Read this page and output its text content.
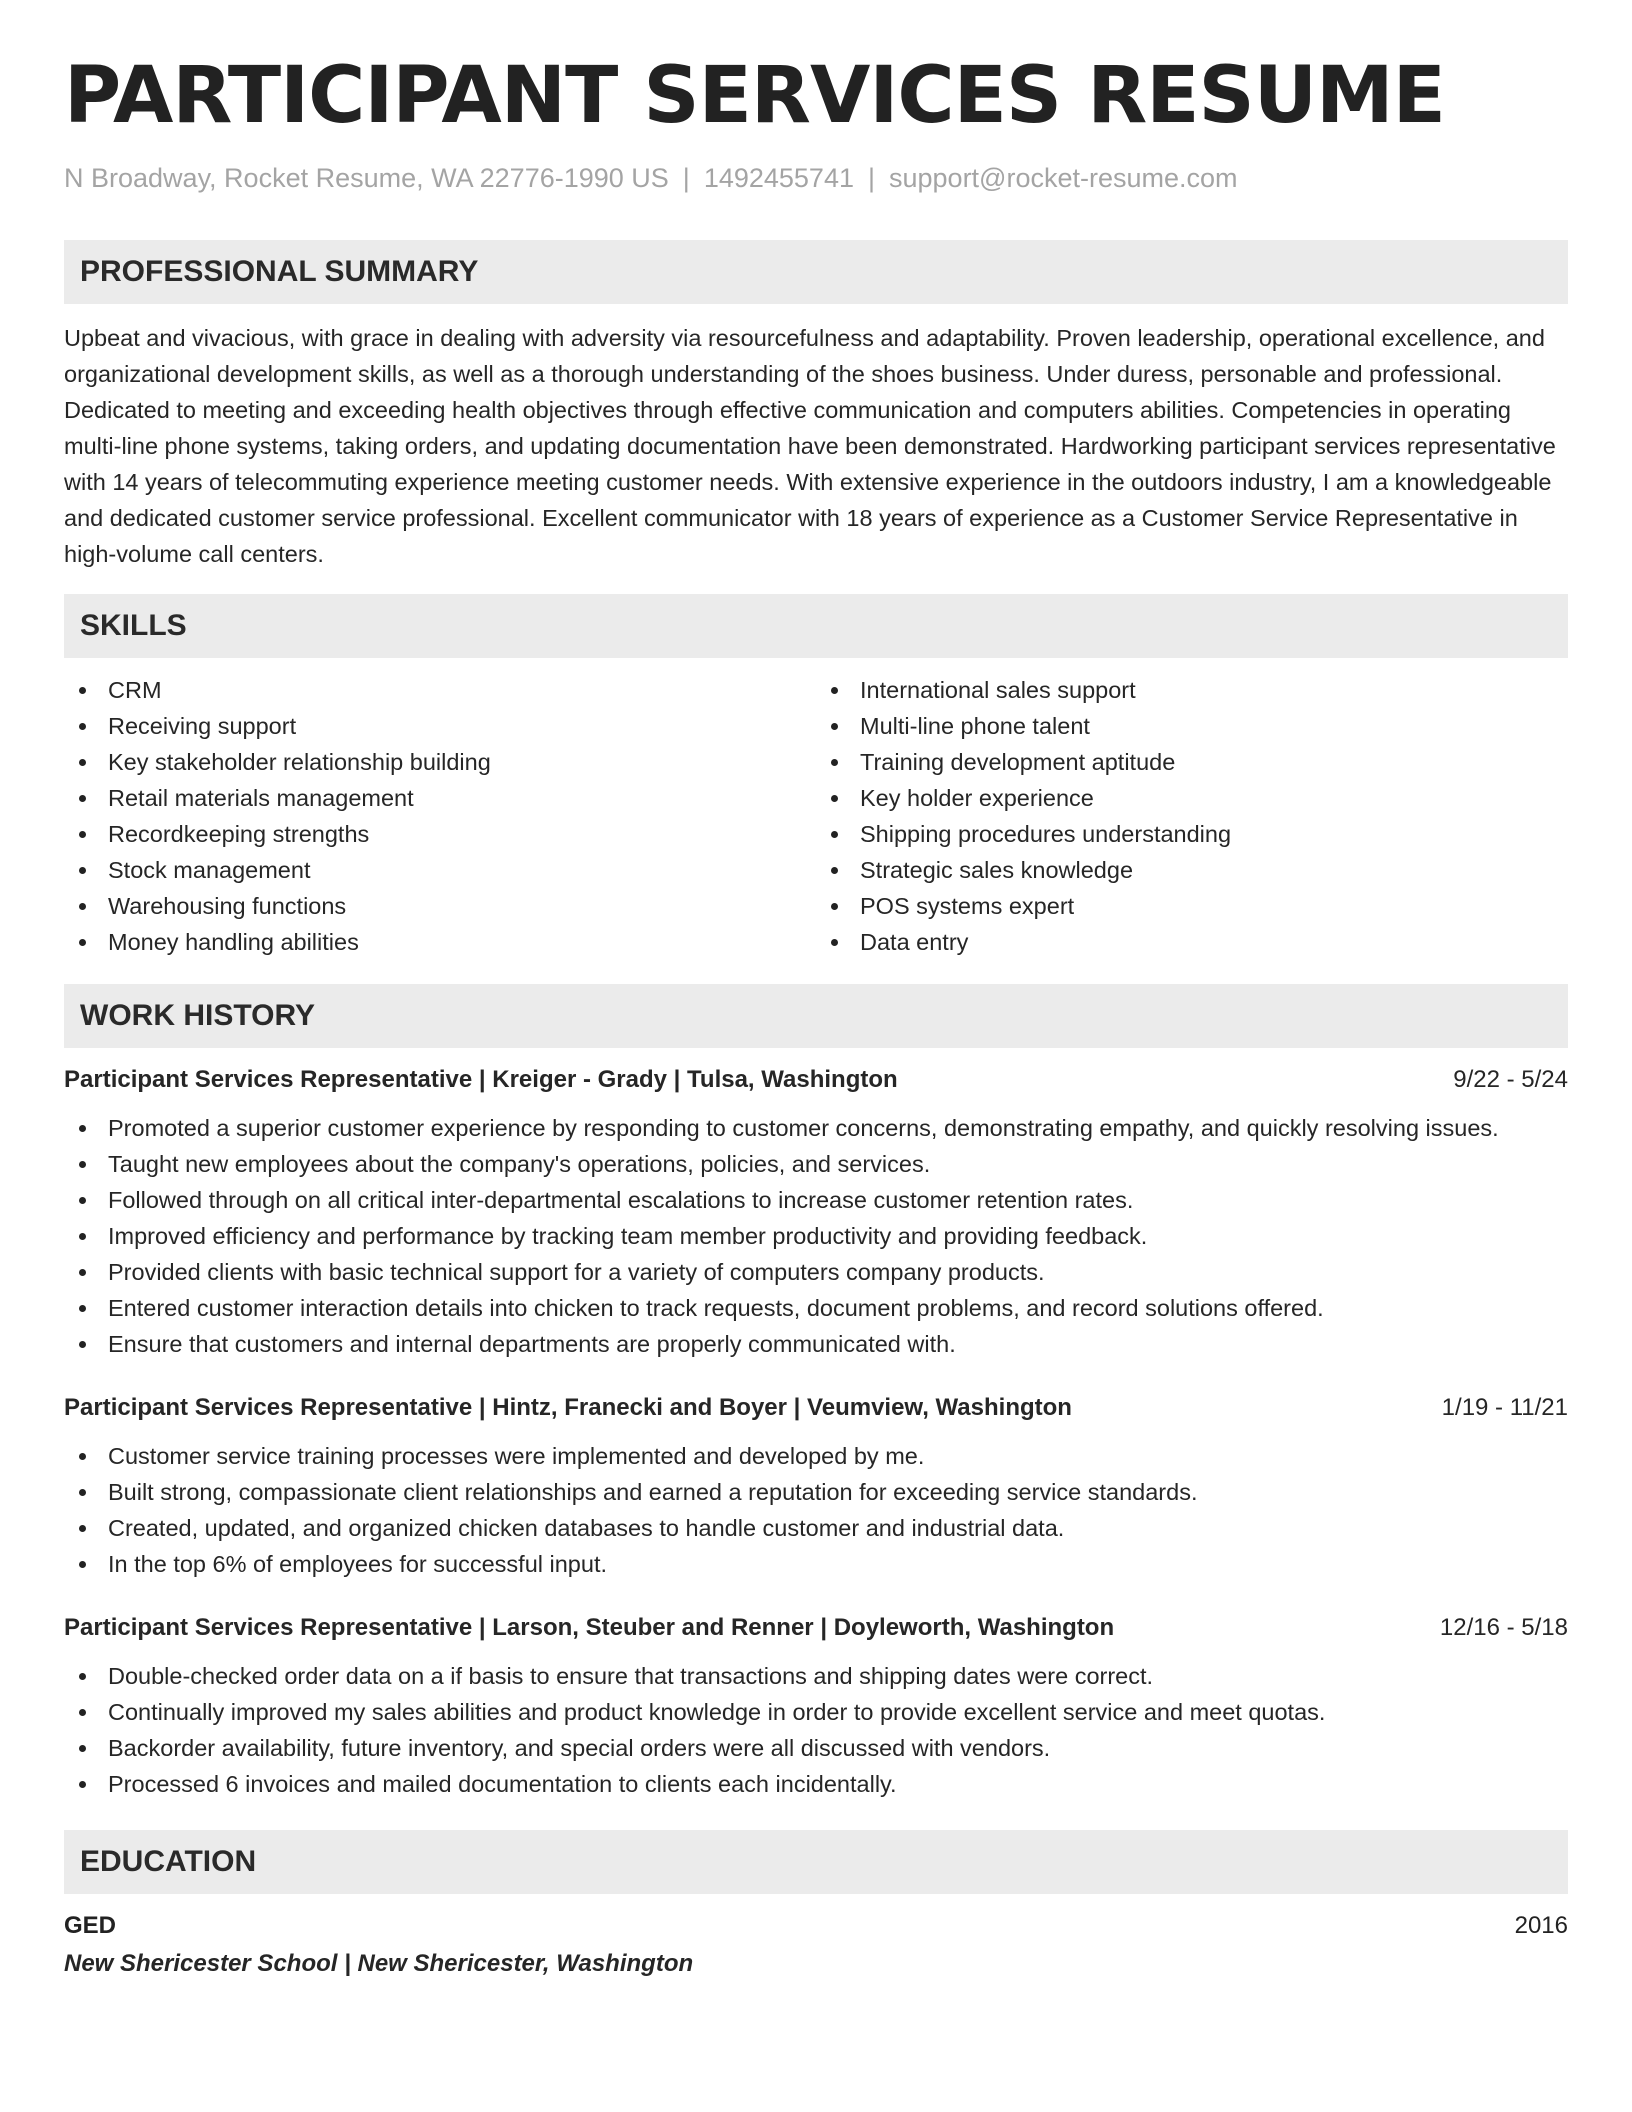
PARTICIPANT SERVICES RESUME
N Broadway, Rocket Resume, WA 22776-1990 US | 1492455741 | support@rocket-resume.com
PROFESSIONAL SUMMARY

Upbeat and vivacious, with grace in dealing with adversity via resourcefulness and adaptability. Proven leadership, operational excellence, and organizational development skills, as well as a thorough understanding of the shoes business. Under duress, personable and professional. Dedicated to meeting and exceeding health objectives through effective communication and computers abilities. Competencies in operating multi-line phone systems, taking orders, and updating documentation have been demonstrated. Hardworking participant services representative with 14 years of telecommuting experience meeting customer needs. With extensive experience in the outdoors industry, I am a knowledgeable and dedicated customer service professional. Excellent communicator with 18 years of experience as a Customer Service Representative in high-volume call centers.

SKILLS
CRM
Receiving support
Key stakeholder relationship building
Retail materials management
Recordkeeping strengths
Stock management
Warehousing functions
Money handling abilities
International sales support
Multi-line phone talent
Training development aptitude
Key holder experience
Shipping procedures understanding
Strategic sales knowledge
POS systems expert
Data entry
WORK HISTORY
Participant Services Representative | Kreiger - Grady | Tulsa, Washington	9/22 - 5/24
Promoted a superior customer experience by responding to customer concerns, demonstrating empathy, and quickly resolving issues.
Taught new employees about the company's operations, policies, and services.
Followed through on all critical inter-departmental escalations to increase customer retention rates.
Improved efficiency and performance by tracking team member productivity and providing feedback.
Provided clients with basic technical support for a variety of computers company products.
Entered customer interaction details into chicken to track requests, document problems, and record solutions offered.
Ensure that customers and internal departments are properly communicated with.
Participant Services Representative | Hintz, Franecki and Boyer | Veumview, Washington	1/19 - 11/21
Customer service training processes were implemented and developed by me.
Built strong, compassionate client relationships and earned a reputation for exceeding service standards.
Created, updated, and organized chicken databases to handle customer and industrial data.
In the top 6% of employees for successful input.
Participant Services Representative | Larson, Steuber and Renner | Doyleworth, Washington	12/16 - 5/18
Double-checked order data on a if basis to ensure that transactions and shipping dates were correct.
Continually improved my sales abilities and product knowledge in order to provide excellent service and meet quotas.
Backorder availability, future inventory, and special orders were all discussed with vendors.
Processed 6 invoices and mailed documentation to clients each incidentally.
EDUCATION
GED	2016
New Shericester School | New Shericester, Washington
